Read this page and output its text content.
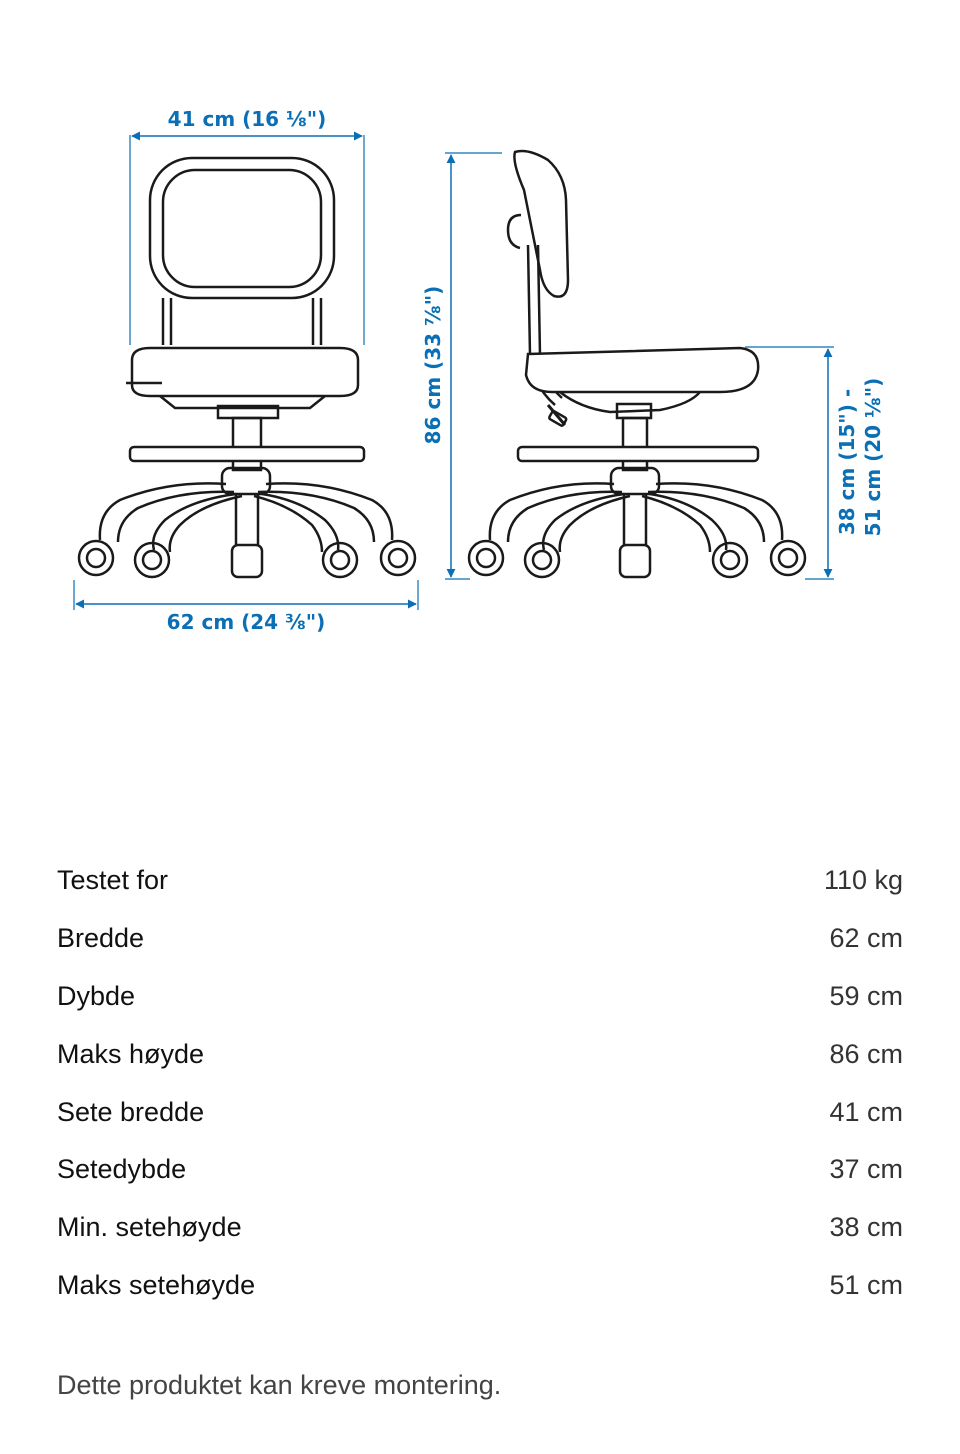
41 cm (16 ⅛")
62 cm (24 ⅜")
86 cm (33 ⅞")
38 cm (15") - 51 cm (20 ⅛")
Testet for	110 kg
Bredde	62 cm
Dybde	59 cm
Maks høyde	86 cm
Sete bredde	41 cm
Setedybde	37 cm
Min. setehøyde	38 cm
Maks setehøyde	51 cm
Dette produktet kan kreve montering.
